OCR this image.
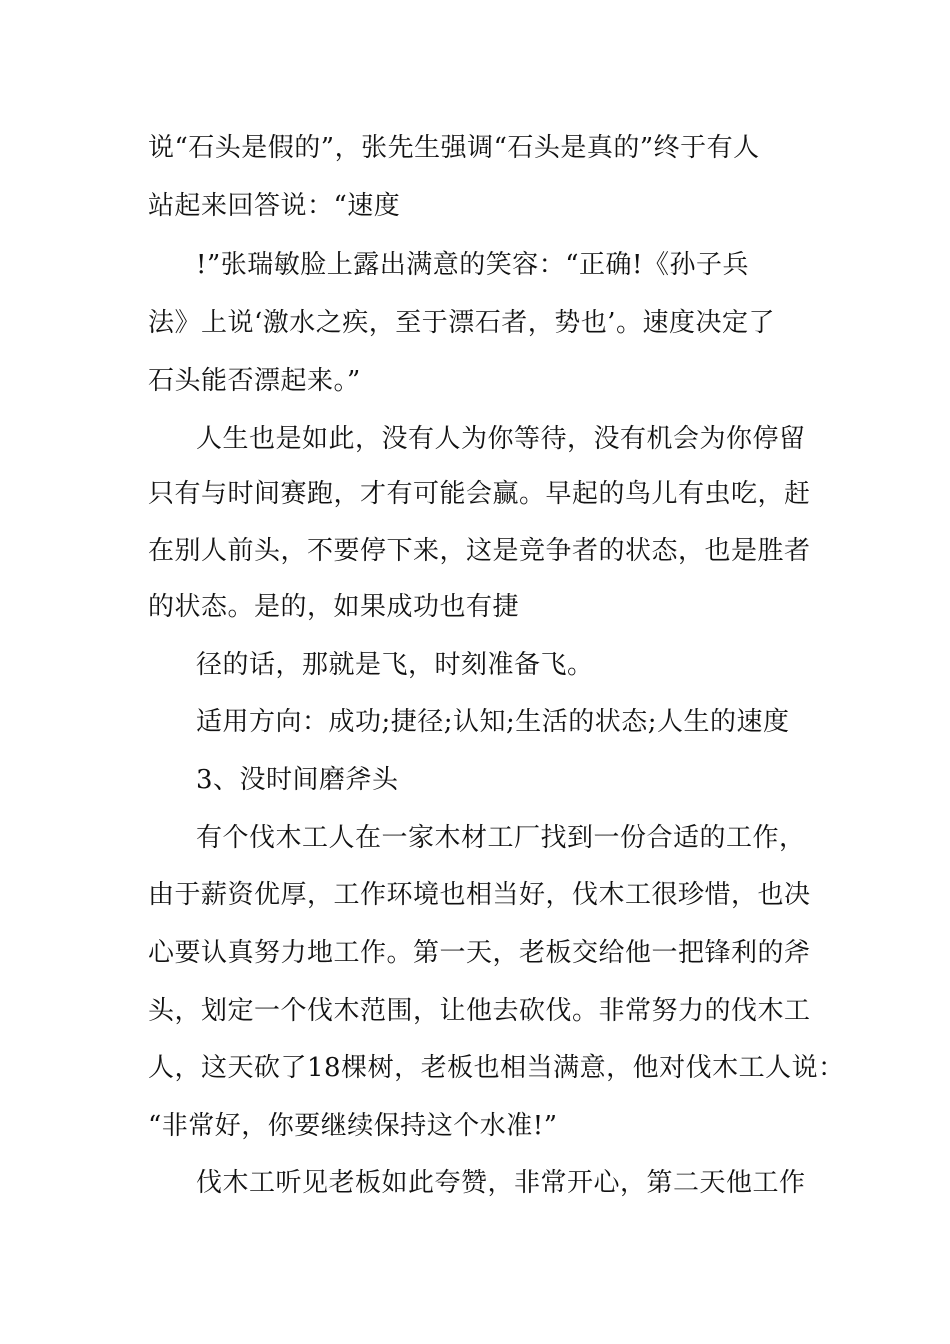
说“石头是假的”，张先生强调“石头是真的”终于有人
站起来回答说：“速度
!”张瑞敏脸上露出满意的笑容：“正确!《孙子兵
法》上说‘激水之疾，至于漂石者，势也’。速度决定了
石头能否漂起来。”
人生也是如此，没有人为你等待，没有机会为你停留
只有与时间赛跑，才有可能会赢。早起的鸟儿有虫吃，赶
在别人前头，不要停下来，这是竞争者的状态，也是胜者
的状态。是的，如果成功也有捷
径的话，那就是飞，时刻准备飞。
适用方向：成功;捷径;认知;生活的状态;人生的速度
3、没时间磨斧头
有个伐木工人在一家木材工厂找到一份合适的工作，
由于薪资优厚，工作环境也相当好，伐木工很珍惜，也决
心要认真努力地工作。第一天，老板交给他一把锋利的斧
头，划定一个伐木范围，让他去砍伐。非常努力的伐木工
人，这天砍了18棵树，老板也相当满意，他对伐木工人说：
“非常好，你要继续保持这个水准!”
伐木工听见老板如此夸赞，非常开心，第二天他工作
